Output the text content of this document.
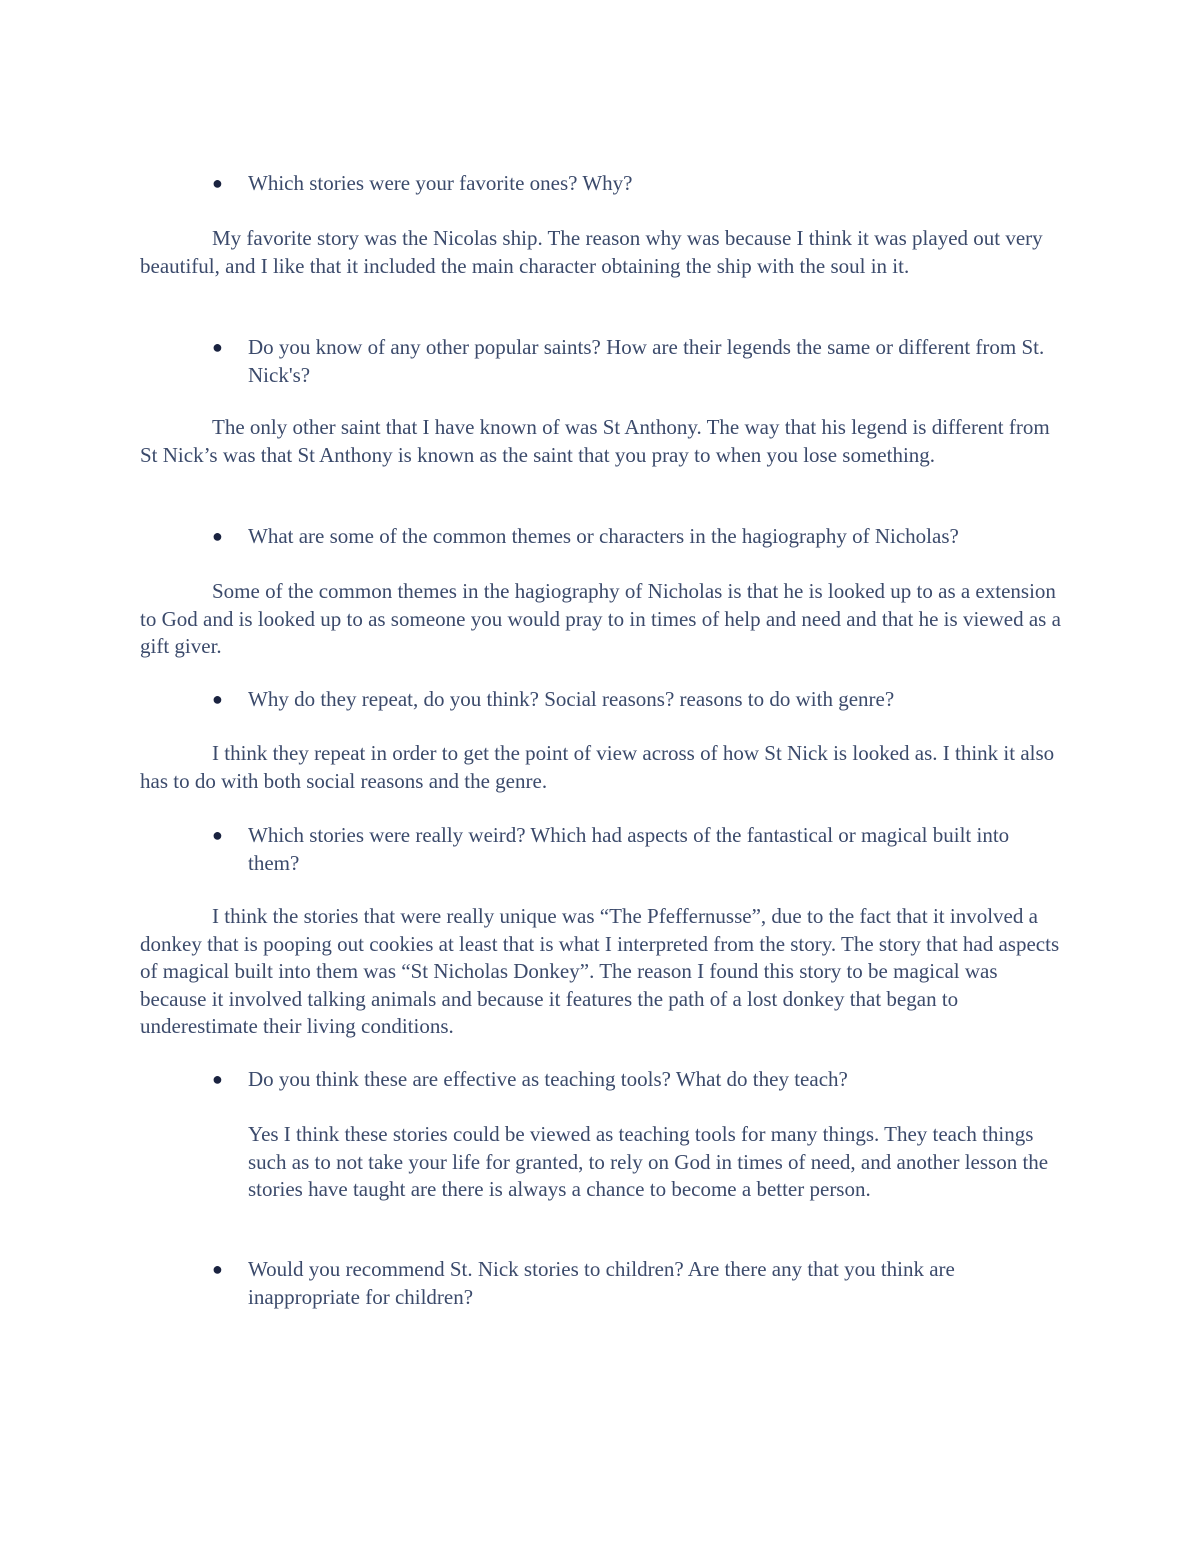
● Which stories were your favorite ones? Why?

My favorite story was the Nicolas ship. The reason why was because I think it was played out very beautiful, and I like that it included the main character obtaining the ship with the soul in it.

● Do you know of any other popular saints? How are their legends the same or different from St. Nick's?

The only other saint that I have known of was St Anthony. The way that his legend is different from St Nick’s was that St Anthony is known as the saint that you pray to when you lose something.

● What are some of the common themes or characters in the hagiography of Nicholas?

Some of the common themes in the hagiography of Nicholas is that he is looked up to as a extension to God and is looked up to as someone you would pray to in times of help and need and that he is viewed as a gift giver.

● Why do they repeat, do you think? Social reasons? reasons to do with genre?

I think they repeat in order to get the point of view across of how St Nick is looked as. I think it also has to do with both social reasons and the genre.

● Which stories were really weird? Which had aspects of the fantastical or magical built into them?

I think the stories that were really unique was “The Pfeffernusse”, due to the fact that it involved a donkey that is pooping out cookies at least that is what I interpreted from the story. The story that had aspects of magical built into them was “St Nicholas Donkey”. The reason I found this story to be magical was because it involved talking animals and because it features the path of a lost donkey that began to underestimate their living conditions.

● Do you think these are effective as teaching tools? What do they teach?

Yes I think these stories could be viewed as teaching tools for many things. They teach things such as to not take your life for granted, to rely on God in times of need, and another lesson the stories have taught are there is always a chance to become a better person.

● Would you recommend St. Nick stories to children? Are there any that you think are inappropriate for children?
